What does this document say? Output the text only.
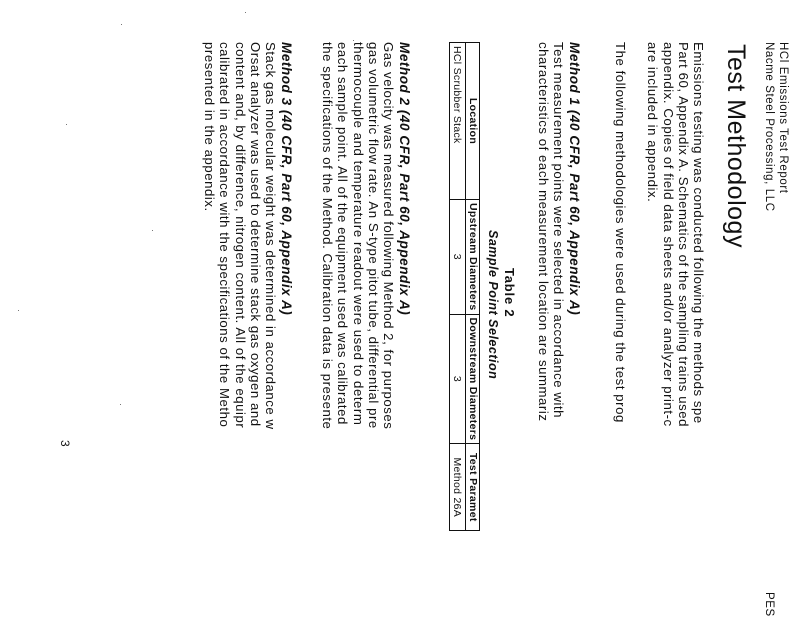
HCl Emissions Test Report
Nacme Steel Processing, LLC
PES
Test Methodology
Emissions testing was conducted following the methods spe
Part 60, Appendix A. Schematics of the sampling trains used
appendix. Copies of field data sheets and/or analyzer print-c
are included in appendix.
The following methodologies were used during the test prog
Method 1 (40 CFR, Part 60, Appendix A)
Test measurement points were selected in accordance with
characteristics of each measurement location are summariz
Table 2
Sample Point Selection
Location	Upstream Diameters	Downstream Diameters	Test Paramet
HCl Scrubber Stack	3	3	Method 26A
Method 2 (40 CFR, Part 60, Appendix A)
Gas velocity was measured following Method 2, for purposes
gas volumetric flow rate. An S-type pitot tube, differential pre
thermocouple and temperature readout were used to determ
each sample point. All of the equipment used was calibrated
the specifications of the Method. Calibration data is presente
Method 3 (40 CFR, Part 60, Appendix A)
Stack gas molecular weight was determined in accordance w
Orsat analyzer was used to determine stack gas oxygen and
content and, by difference, nitrogen content. All of the equipr
calibrated in accordance with the specifications of the Metho
presented in the appendix.
3
